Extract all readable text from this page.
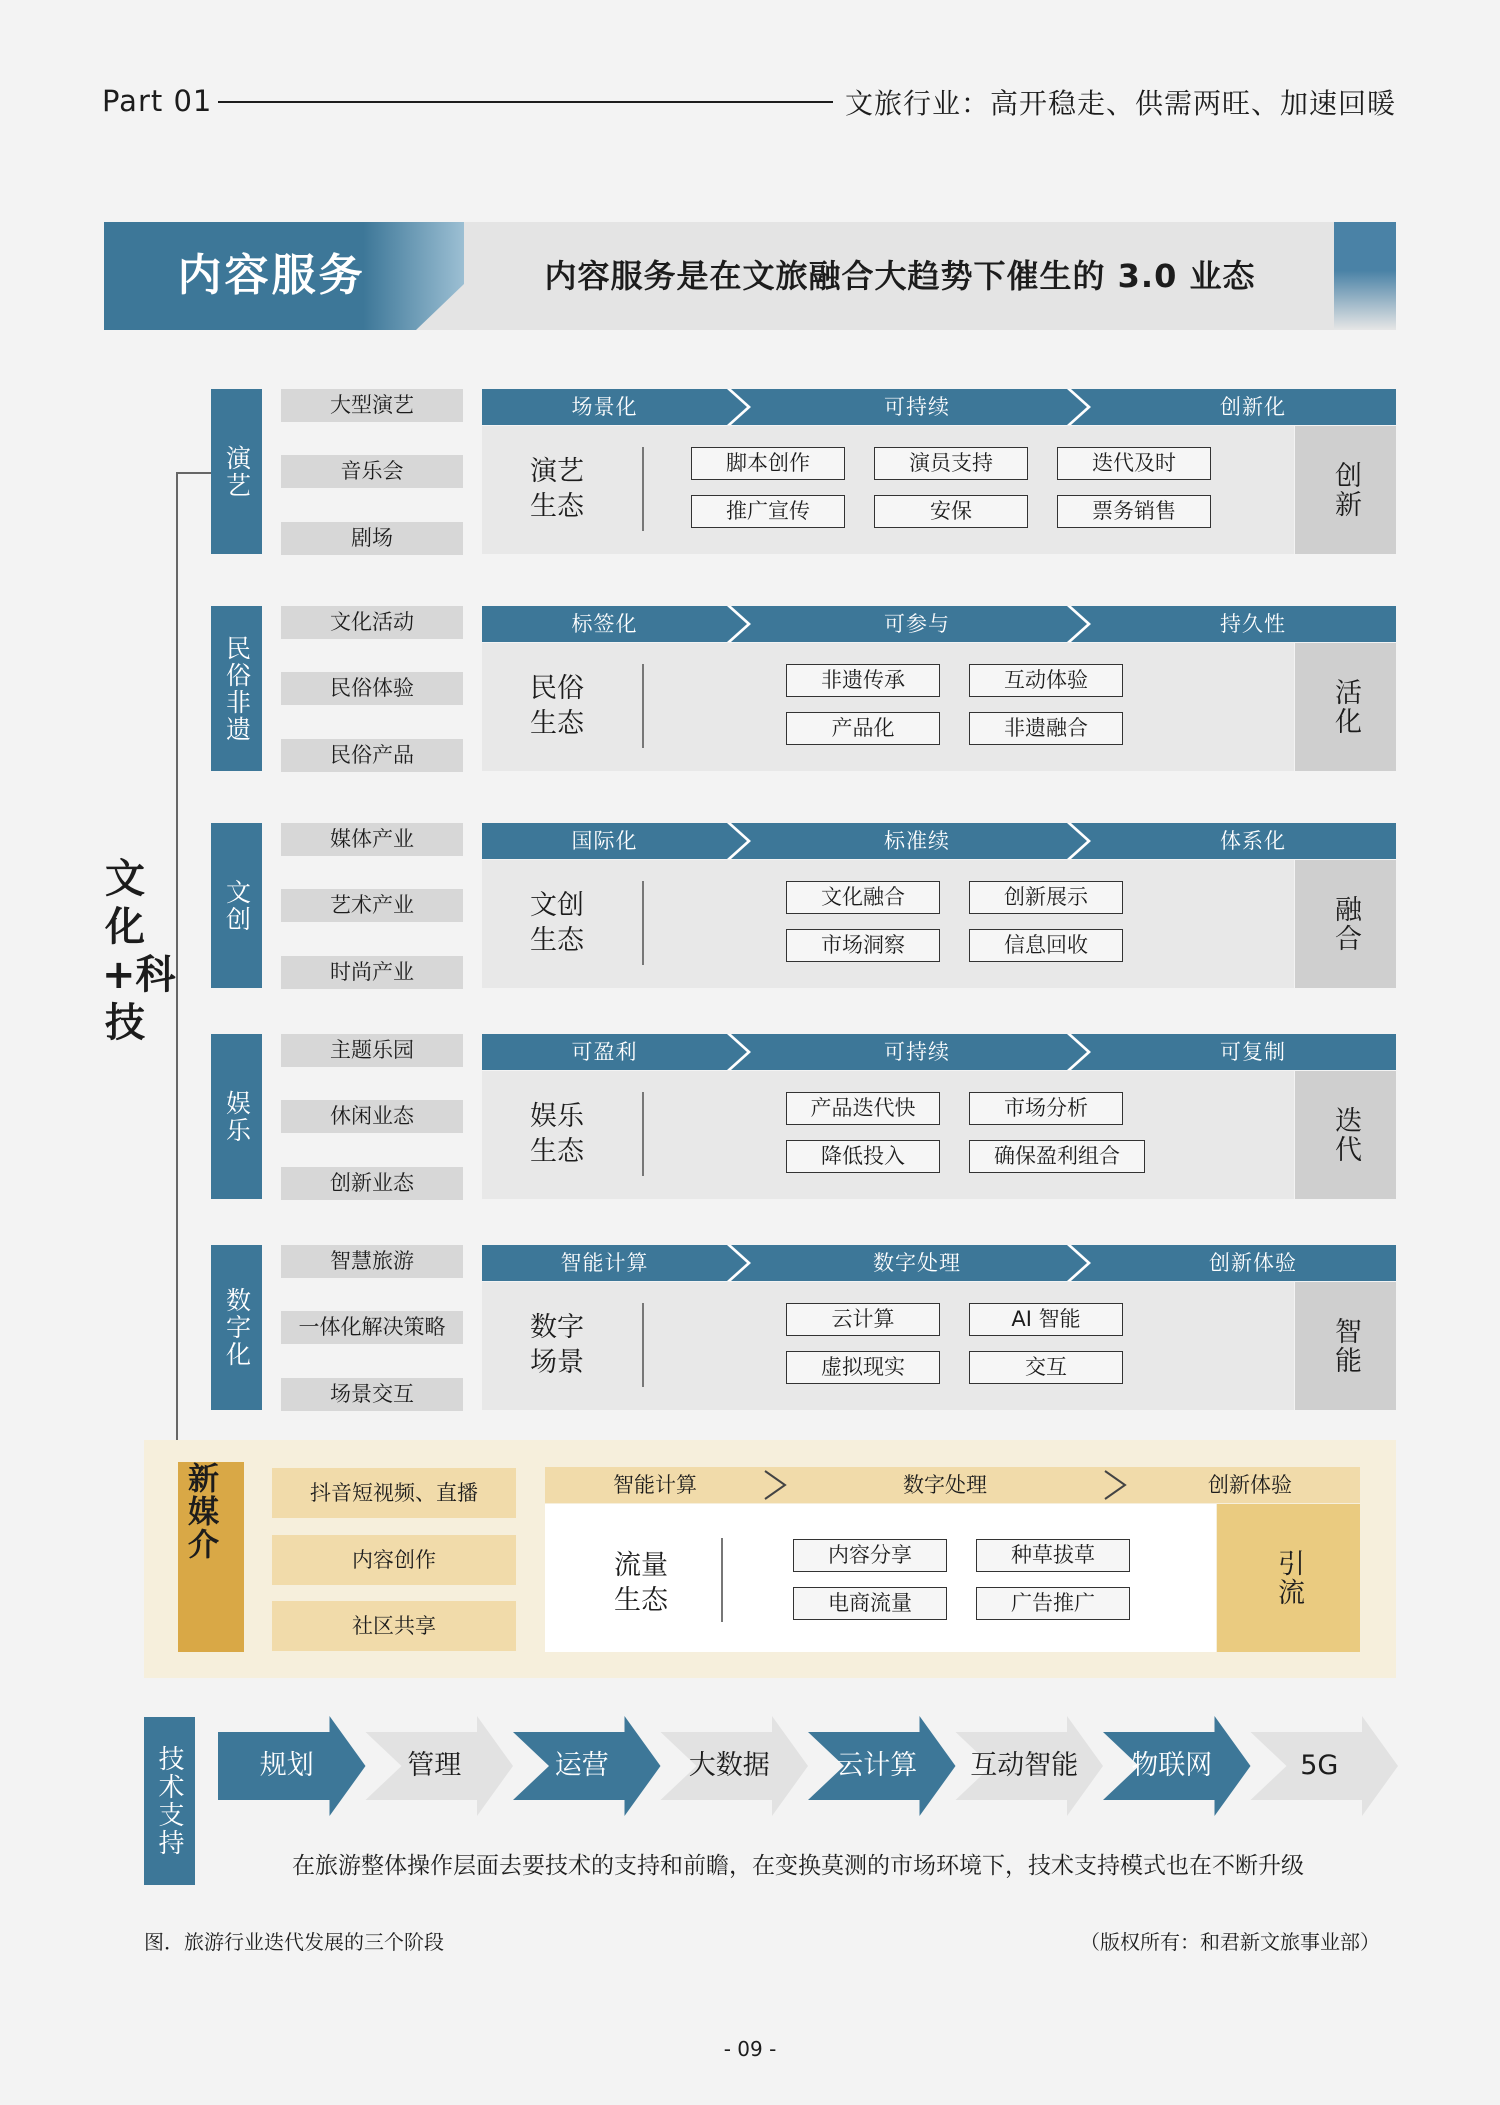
Part 01	文旅行业：高开稳走、供需两旺、加速回暖
内容服务	内容服务是在文旅融合大趋势下催生的 3.0 业态
文化+科技
演艺
大型演艺
音乐会
剧场
场景化	可持续	创新化
创新
演艺
生态
脚本创作	演员支持	迭代及时
推广宣传	安保	票务销售
民俗非遗
文化活动
民俗体验
民俗产品
标签化	可参与	持久性
活化
民俗
生态
非遗传承	互动体验
产品化	非遗融合
文创
媒体产业
艺术产业
时尚产业
国际化	标准续	体系化
融合
文创
生态
文化融合	创新展示
市场洞察	信息回收
娱乐
主题乐园
休闲业态
创新业态
可盈利	可持续	可复制
迭代
娱乐
生态
产品迭代快	市场分析
降低投入	确保盈利组合
数字化
智慧旅游
一体化解决策略
场景交互
智能计算	数字处理	创新体验
智能
数字
场景
云计算	AI 智能
虚拟现实	交互
新媒介	抖音短视频、直播
内容创作
社区共享
智能计算	数字处理	创新体验
流量
生态
内容分享	种草拔草
电商流量	广告推广	引流
技术支持	规划	管理	运营	大数据	云计算	互动智能	物联网	5G
在旅游整体操作层面去要技术的支持和前瞻，在变换莫测的市场环境下，技术支持模式也在不断升级
图．旅游行业迭代发展的三个阶段	（版权所有：和君新文旅事业部）
- 09 -
